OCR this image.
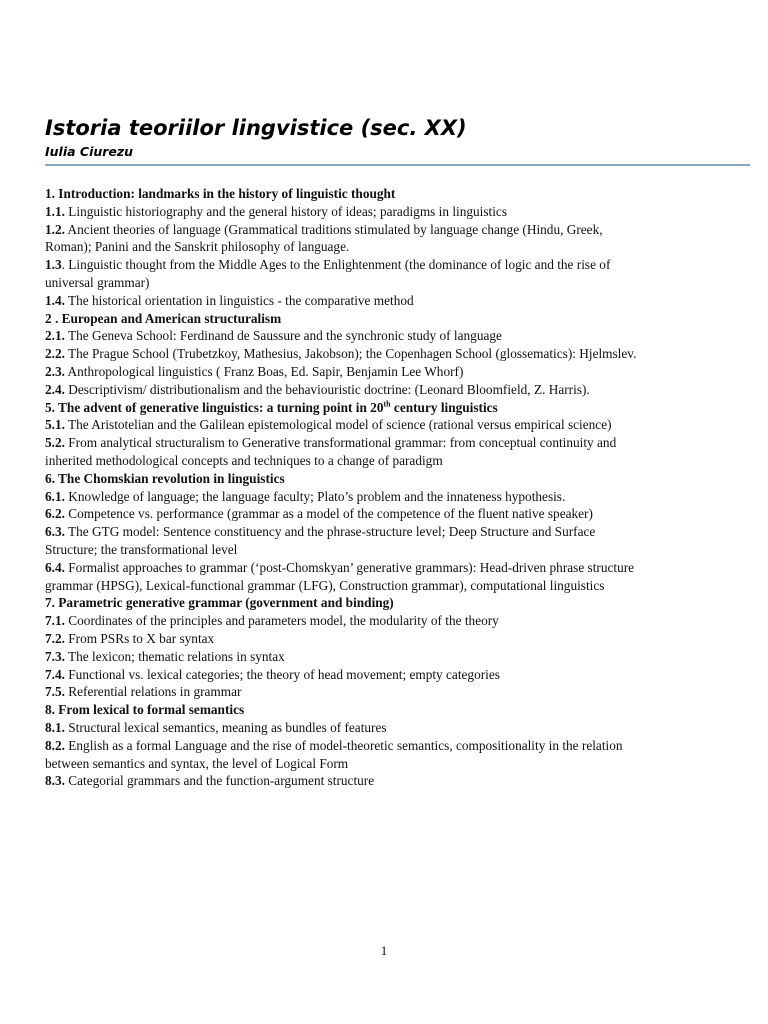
Istoria teoriilor lingvistice (sec. XX)
Iulia Ciurezu
1. Introduction: landmarks in the history of linguistic thought
1.1. Linguistic historiography and the general history of ideas; paradigms in linguistics
1.2. Ancient theories of language (Grammatical traditions stimulated by language change (Hindu, Greek, Roman); Panini and the Sanskrit philosophy of language.
1.3. Linguistic thought from the Middle Ages to the Enlightenment (the dominance of logic and the rise of universal grammar)
1.4. The historical orientation in linguistics - the comparative method
2 . European and American structuralism
2.1. The Geneva School: Ferdinand de Saussure and the synchronic study of language
2.2. The Prague School (Trubetzkoy, Mathesius, Jakobson); the Copenhagen School (glossematics): Hjelmslev.
2.3. Anthropological linguistics ( Franz Boas, Ed. Sapir, Benjamin Lee Whorf)
2.4. Descriptivism/ distributionalism and the behaviouristic doctrine: (Leonard Bloomfield, Z. Harris).
5. The advent of generative linguistics: a turning point in 20th century linguistics
5.1. The Aristotelian and the Galilean epistemological model of science (rational versus empirical science)
5.2. From analytical structuralism to Generative transformational grammar: from conceptual continuity and inherited methodological concepts and techniques to a change of paradigm
6. The Chomskian revolution in linguistics
6.1. Knowledge of language; the language faculty; Plato’s problem and the innateness hypothesis.
6.2. Competence vs. performance (grammar as a model of the competence of the fluent native speaker)
6.3. The GTG model: Sentence constituency and the phrase-structure level; Deep Structure and Surface Structure; the transformational level
6.4. Formalist approaches to grammar (‘post-Chomskyan’ generative grammars): Head-driven phrase structure grammar (HPSG), Lexical-functional grammar (LFG), Construction grammar), computational linguistics
7. Parametric generative grammar (government and binding)
7.1. Coordinates of the principles and parameters model, the modularity of the theory
7.2. From PSRs to X bar syntax
7.3. The lexicon; thematic relations in syntax
7.4. Functional vs. lexical categories; the theory of head movement; empty categories
7.5. Referential relations in grammar
8. From lexical to formal semantics
8.1. Structural lexical semantics, meaning as bundles of features
8.2. English as a formal Language and the rise of model-theoretic semantics, compositionality in the relation between semantics and syntax, the level of Logical Form
8.3. Categorial grammars and the function-argument structure
1
